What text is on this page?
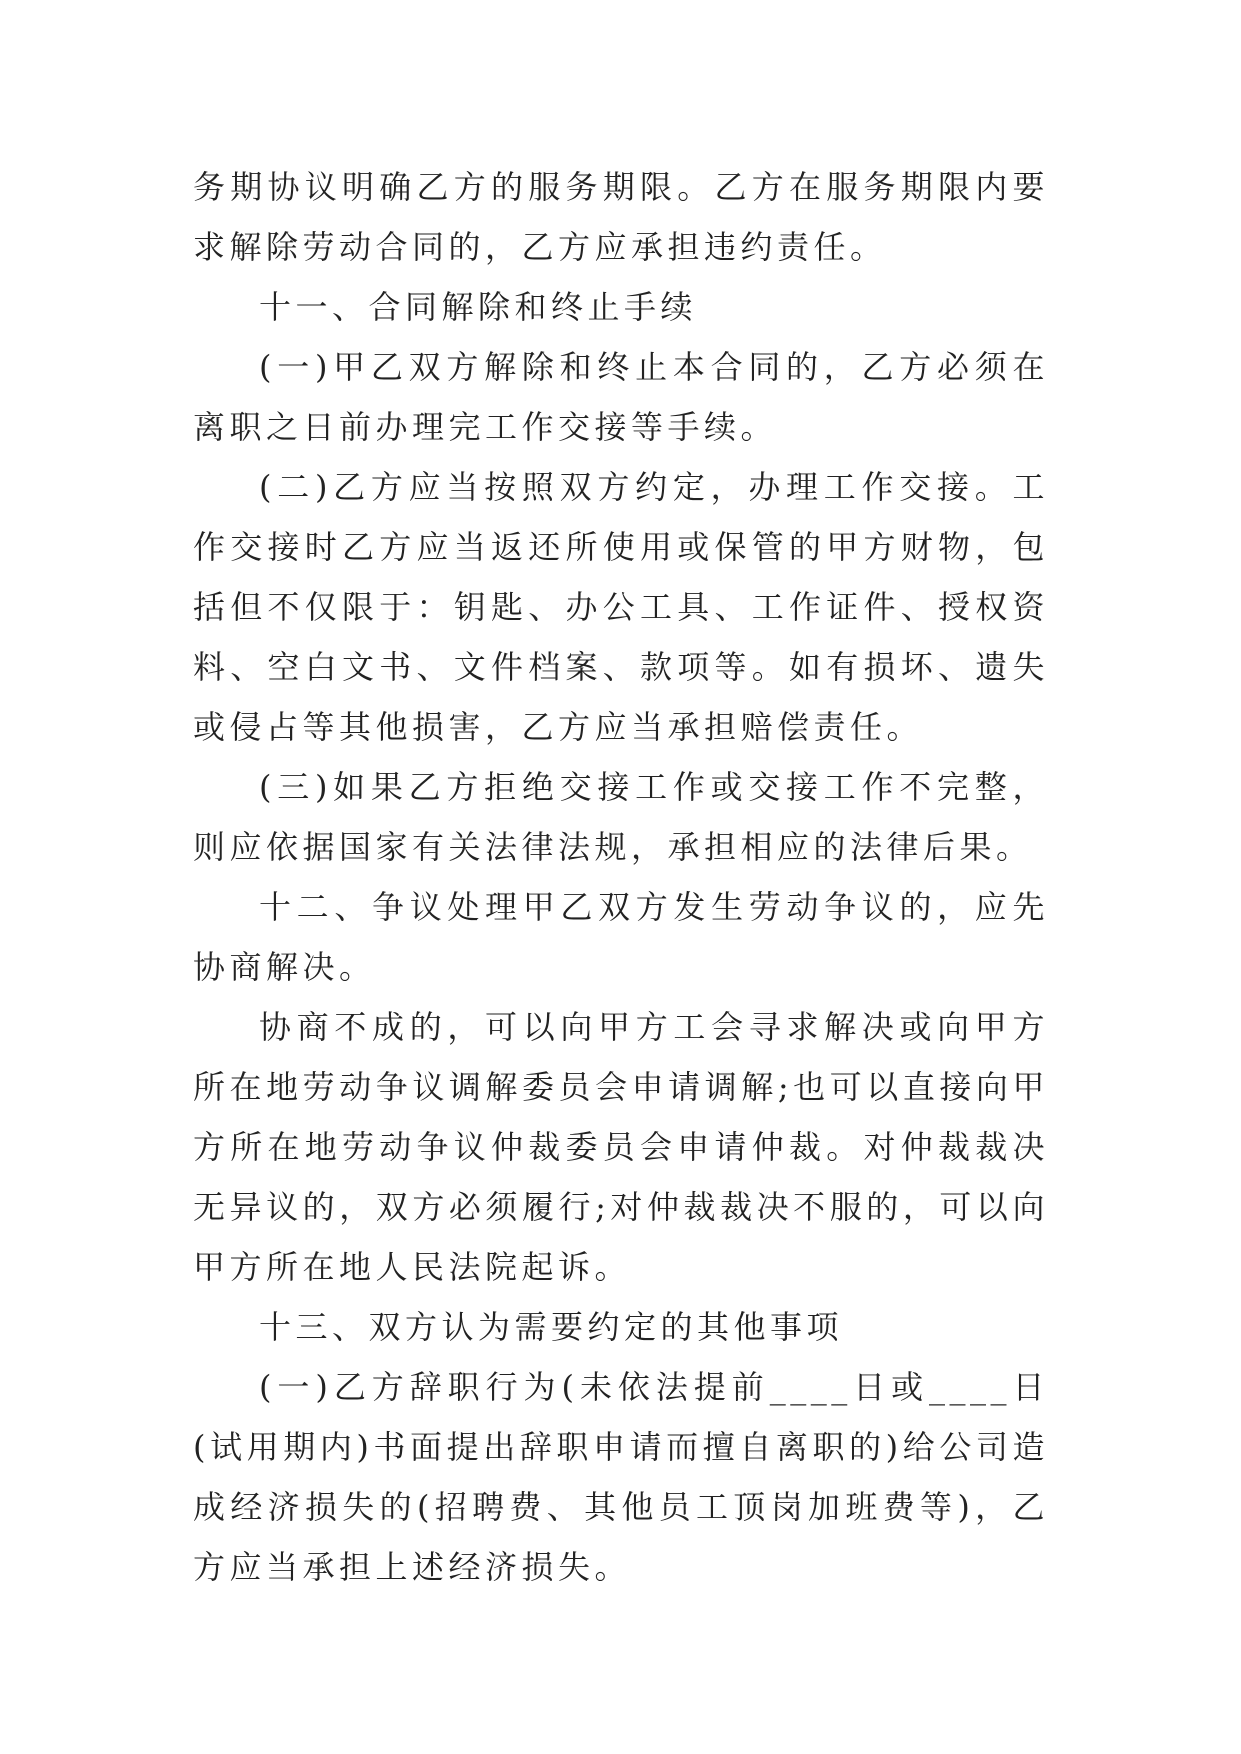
务期协议明确乙方的服务期限。乙方在服务期限内要求解除劳动合同的，乙方应承担违约责任。

十一、合同解除和终止手续

(一)甲乙双方解除和终止本合同的，乙方必须在离职之日前办理完工作交接等手续。

(二)乙方应当按照双方约定，办理工作交接。工作交接时乙方应当返还所使用或保管的甲方财物，包括但不仅限于：钥匙、办公工具、工作证件、授权资料、空白文书、文件档案、款项等。如有损坏、遗失或侵占等其他损害，乙方应当承担赔偿责任。

(三)如果乙方拒绝交接工作或交接工作不完整，则应依据国家有关法律法规，承担相应的法律后果。

十二、争议处理甲乙双方发生劳动争议的，应先协商解决。

协商不成的，可以向甲方工会寻求解决或向甲方所在地劳动争议调解委员会申请调解;也可以直接向甲方所在地劳动争议仲裁委员会申请仲裁。对仲裁裁决无异议的，双方必须履行;对仲裁裁决不服的，可以向甲方所在地人民法院起诉。

十三、双方认为需要约定的其他事项

(一)乙方辞职行为(未依法提前____日或____日(试用期内)书面提出辞职申请而擅自离职的)给公司造成经济损失的(招聘费、其他员工顶岗加班费等)，乙方应当承担上述经济损失。
